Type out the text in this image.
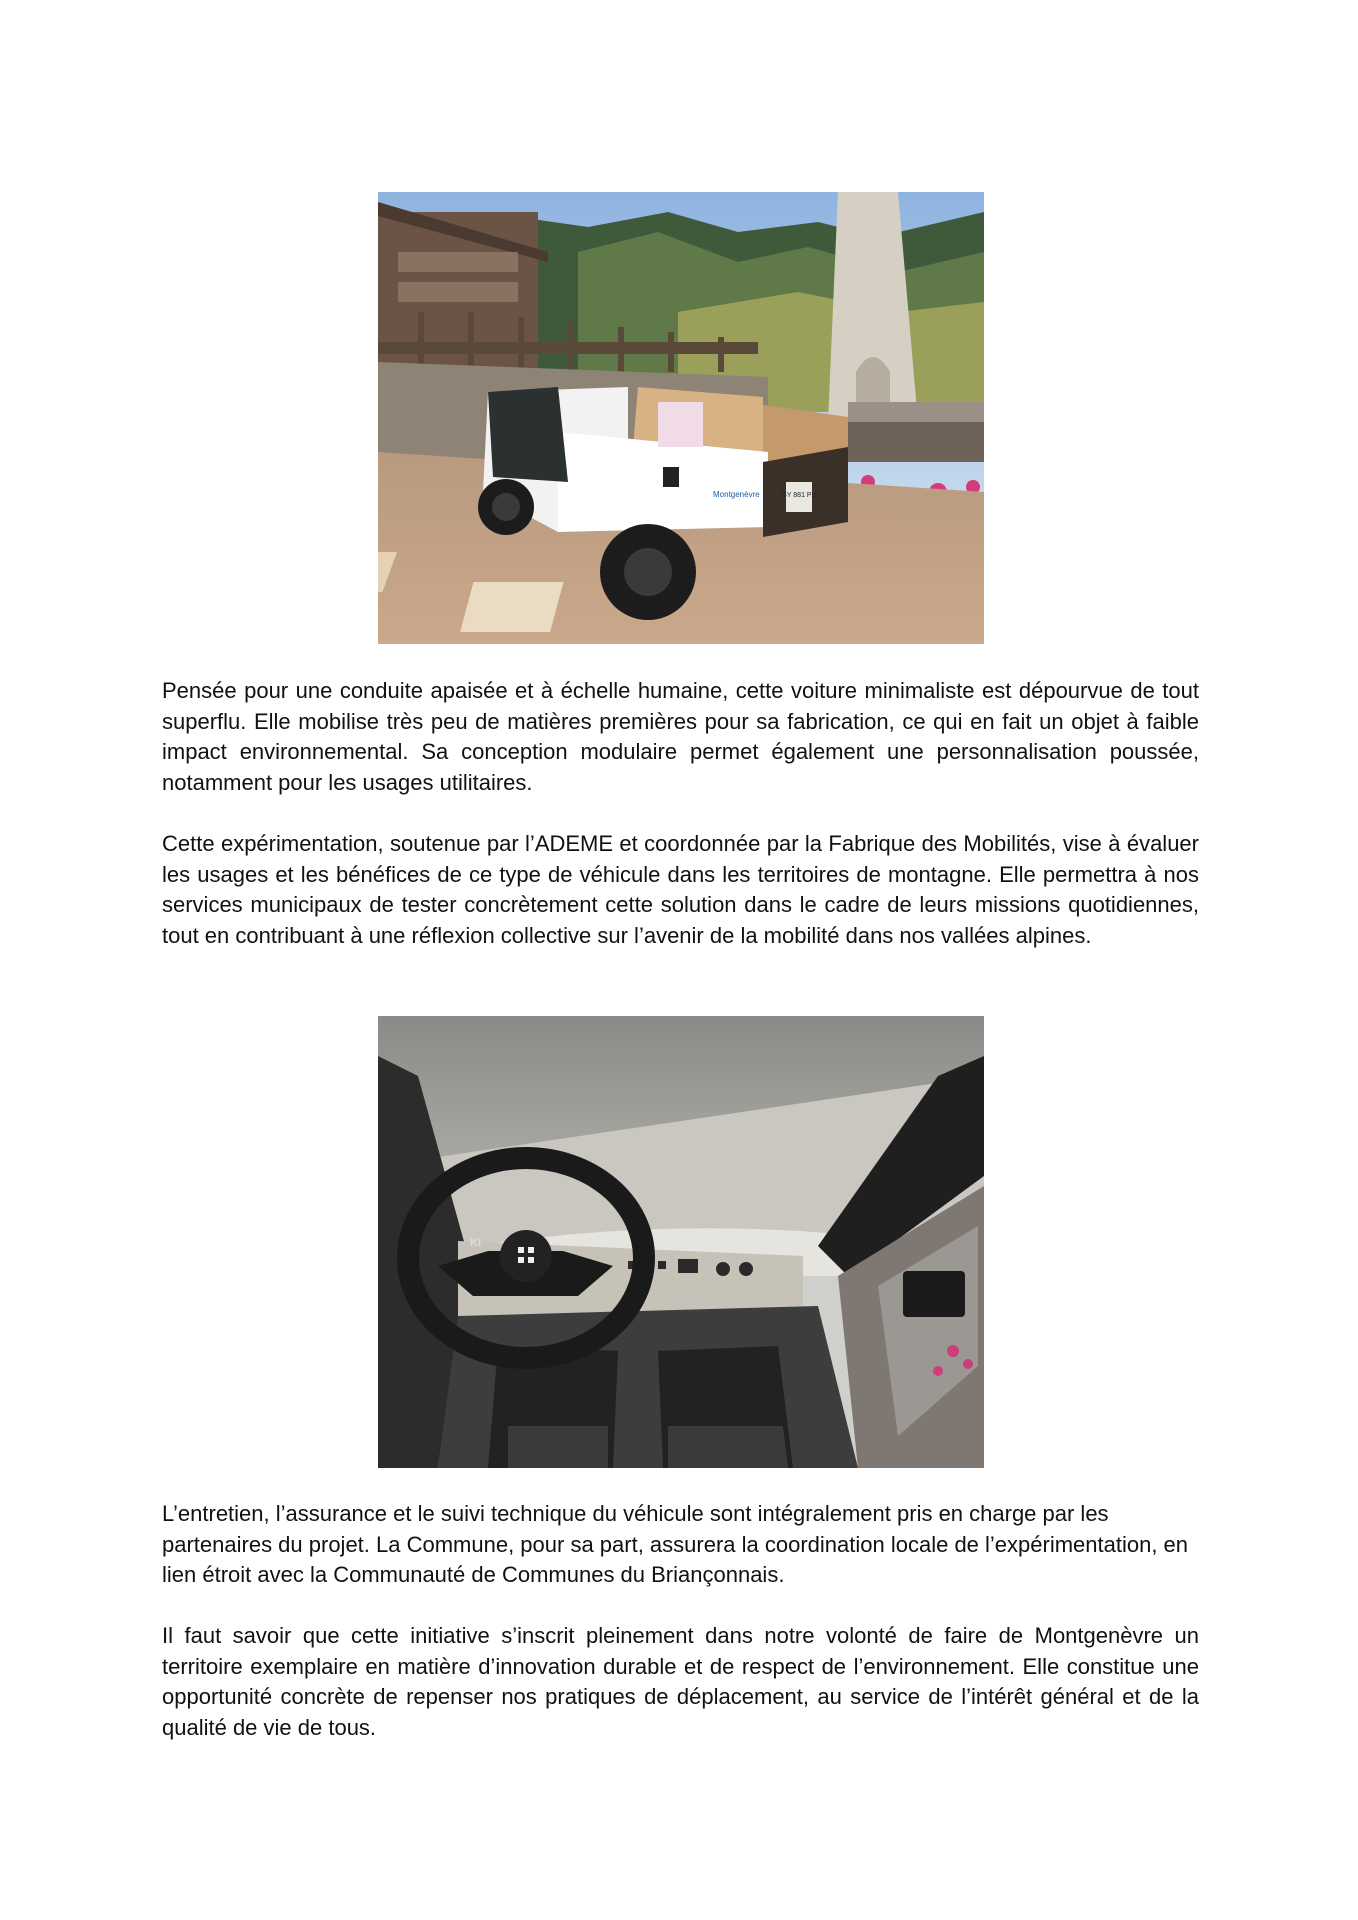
GY 881 PU
Montgenèvre

Pensée pour une conduite apaisée et à échelle humaine, cette voiture minimaliste est dépourvue de tout superflu. Elle mobilise très peu de matières premières pour sa fabrication, ce qui en fait un objet à faible impact environnemental. Sa conception modulaire permet également une personnalisation poussée, notamment pour les usages utilitaires.

Cette expérimentation, soutenue par l’ADEME et coordonnée par la Fabrique des Mobilités, vise à évaluer les usages et les bénéfices de ce type de véhicule dans les territoires de montagne. Elle permettra à nos services municipaux de tester concrètement cette solution dans le cadre de leurs missions quotidiennes, tout en contribuant à une réflexion collective sur l’avenir de la mobilité dans nos vallées alpines.

KI

L’entretien, l’assurance et le suivi technique du véhicule sont intégralement pris en charge par les partenaires du projet. La Commune, pour sa part, assurera la coordination locale de l’expérimentation, en lien étroit avec la Communauté de Communes du Briançonnais.

Il faut savoir que cette initiative s’inscrit pleinement dans notre volonté de faire de Montgenèvre un territoire exemplaire en matière d’innovation durable et de respect de l’environnement. Elle constitue une opportunité concrète de repenser nos pratiques de déplacement, au service de l’intérêt général et de la qualité de vie de tous.
